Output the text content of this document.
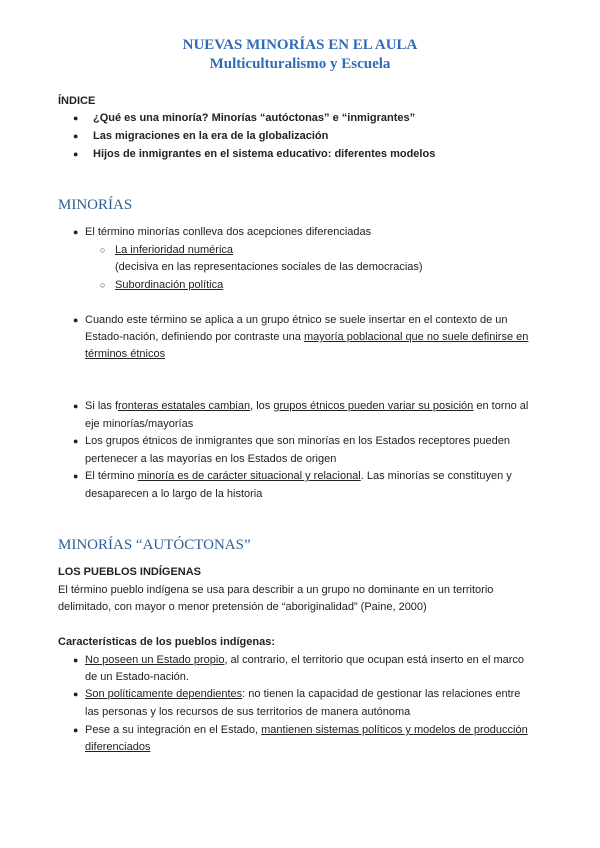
NUEVAS MINORÍAS EN EL AULA
Multiculturalismo y Escuela

ÍNDICE

● ¿Qué es una minoría? Minorías “autóctonas” e “inmigrantes”

● Las migraciones en la era de la globalización

● Hijos de inmigrantes en el sistema educativo: diferentes modelos

MINORÍAS
● El término minorías conlleva dos acepciones diferenciadas

○ La inferioridad numérica

(decisiva en las representaciones sociales de las democracias)

○ Subordinación política

● Cuando este término se aplica a un grupo étnico se suele insertar en el contexto de un

Estado-nación, definiendo por contraste una mayoría poblacional que no suele definirse en

términos étnicos

● Si las fronteras estatales cambian, los grupos étnicos pueden variar su posición en torno al

eje minorías/mayorías

● Los grupos étnicos de inmigrantes que son minorías en los Estados receptores pueden

pertenecer a las mayorías en los Estados de origen

● El término minoría es de carácter situacional y relacional. Las minorías se constituyen y

desaparecen a lo largo de la historia

MINORÍAS “AUTÓCTONAS”

LOS PUEBLOS INDÍGENAS

El término pueblo indígena se usa para describir a un grupo no dominante en un territorio

delimitado, con mayor o menor pretensión de “aboriginalidad” (Paine, 2000)

Características de los pueblos indígenas:

● No poseen un Estado propio, al contrario, el territorio que ocupan está inserto en el marco

de un Estado-nación.

● Son políticamente dependientes: no tienen la capacidad de gestionar las relaciones entre

las personas y los recursos de sus territorios de manera autónoma

● Pese a su integración en el Estado, mantienen sistemas políticos y modelos de producción

diferenciados
